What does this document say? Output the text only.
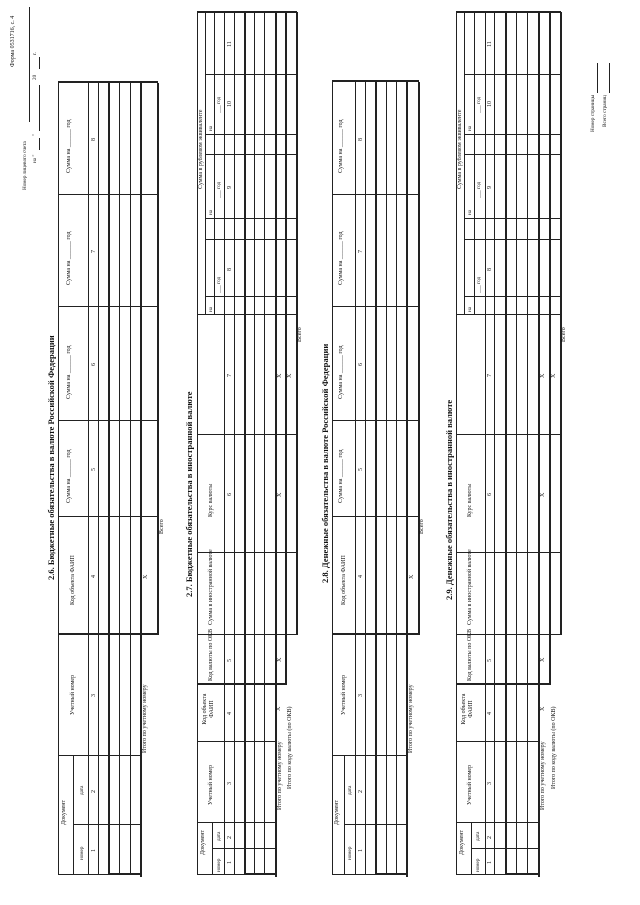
Форма 0531716, с. 4
Номер лицевого счета на "
"
20
г.
2.6. Бюджетные обязательства в валюте Российской Федерации
Документ
номер
дата
Учетный номер
Код объекта ФАИП
Сумма на ______ год
Сумма на ______ год
Сумма на ______ год
Сумма на ______ год
1
2
3
4
5
6
7
8
Итого по учетному номеру
X
Всего 2.7. Бюджетные обязательства в иностранной валюте
Документ
номер
дата
Учетный номер
Код объекта
ФАИП
Код валюты по ОКВ
Сумма в иностранной валюте
Курс валюты
Сумма в рублевом эквиваленте
на
на
на
___ год
___ год
___ год
1
2
3
4
5
6
7
8
9
10
11
Итого по учетному номеру
X
X
X
X
Итого по коду валюты (по ОКВ)
X
Всего
2.8. Денежные обязательства в валюте Российской Федерации
Документ
номер
дата
Учетный номер
Код объекта ФАИП
Сумма на ______ год
Сумма на ______ год
Сумма на ______ год
Сумма на ______ год
1
2
3
4
5
6
7
8
Итого по учетному номеру
X
Всего 2.9. Денежные обязательства в иностранной валюте
Документ
номер
дата
Учетный номер
Код объекта
ФАИП
Код валюты по ОКВ
Сумма в иностранной валюте
Курс валюты
Сумма в рублевом эквиваленте
на
на
на
___ год
___ год
___ год
1
2
3
4
5
6
7
8
9
10
11
Итого по учетному номеру
X
X
X
X
Итого по коду валюты (по ОКВ)
X
Всего
Номер страницы Всего страниц
